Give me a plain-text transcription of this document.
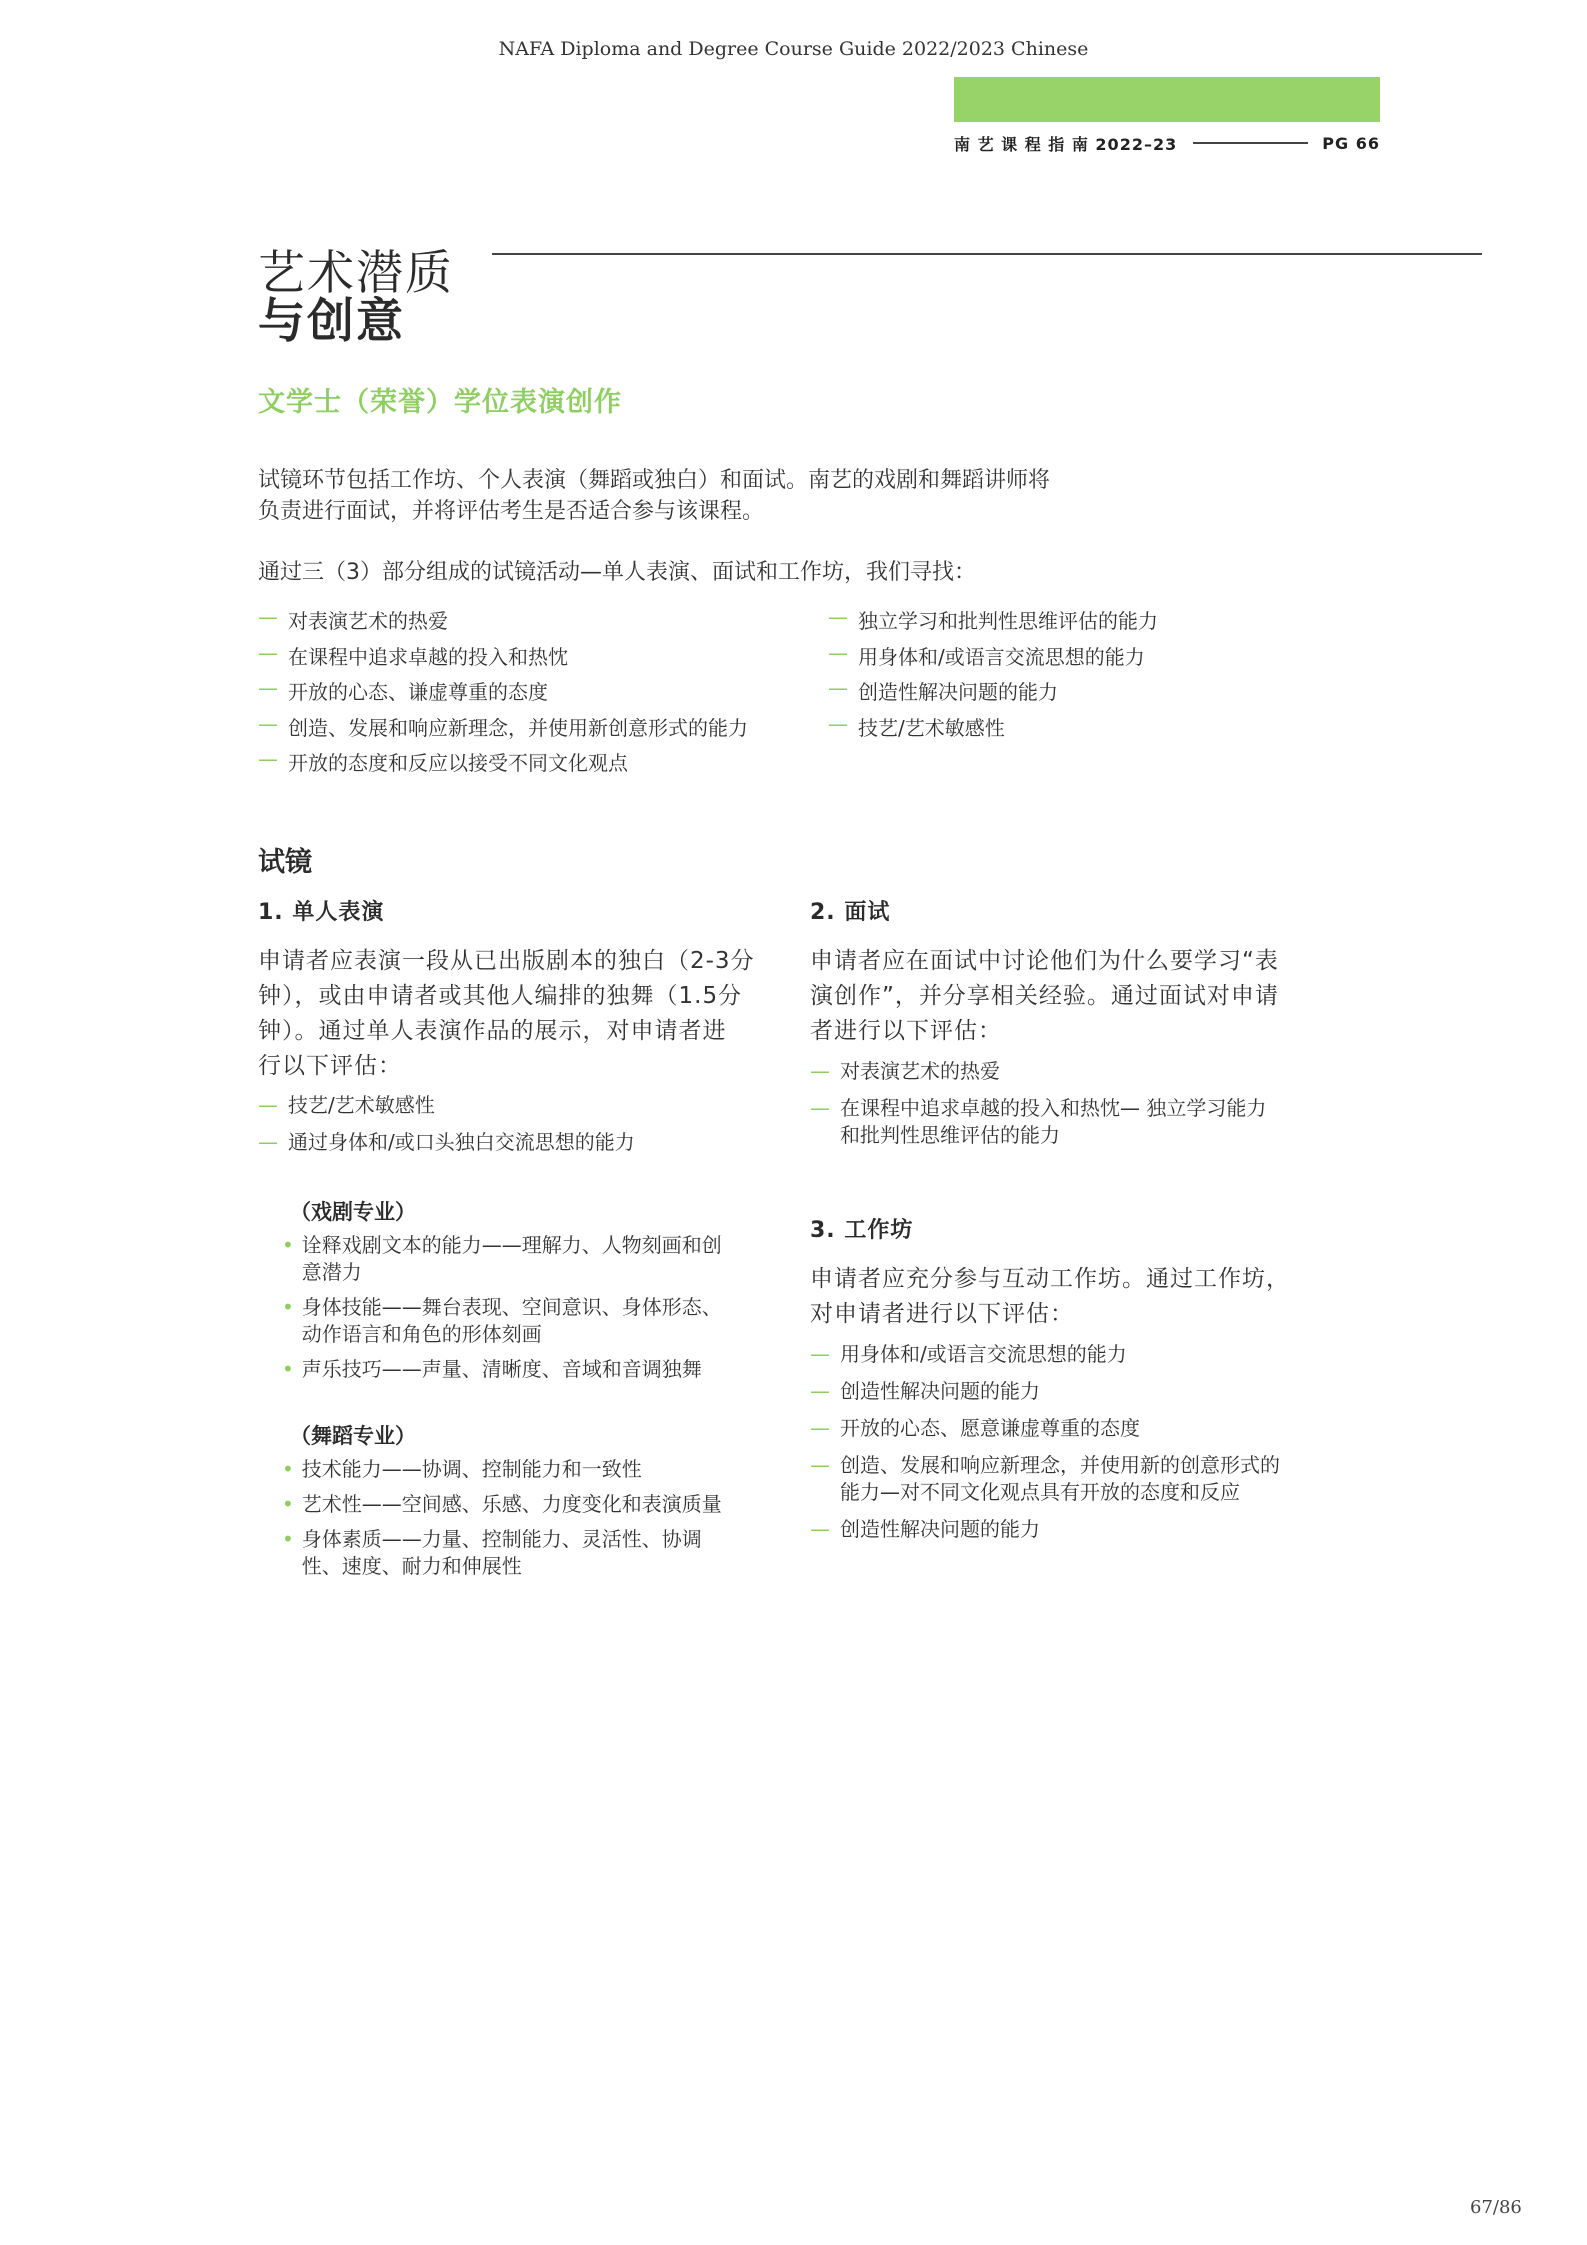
NAFA Diploma and Degree Course Guide 2022/2023 Chinese
南 艺 课 程 指 南 2022–23	PG 66
艺术潜质
与创意
文学士（荣誉）学位表演创作
试镜环节包括工作坊、个人表演（舞蹈或独白）和面试。南艺的戏剧和舞蹈讲师将
负责进行面试，并将评估考生是否适合参与该课程。
通过三（3）部分组成的试镜活动—单人表演、面试和工作坊，我们寻找：
— 对表演艺术的热爱
— 在课程中追求卓越的投入和热忱
— 开放的心态、谦虚尊重的态度
— 创造、发展和响应新理念，并使用新创意形式的能力
— 开放的态度和反应以接受不同文化观点
— 独立学习和批判性思维评估的能力
— 用身体和/或语言交流思想的能力
— 创造性解决问题的能力
— 技艺/艺术敏感性
试镜
1. 单人表演
申请者应表演一段从已出版剧本的独白（2-3分
钟），或由申请者或其他人编排的独舞（1.5分
钟）。通过单人表演作品的展示，对申请者进
行以下评估：
— 技艺/艺术敏感性
— 通过身体和/或口头独白交流思想的能力
（戏剧专业）
• 诠释戏剧文本的能力——理解力、人物刻画和创
意潜力
• 身体技能——舞台表现、空间意识、身体形态、
动作语言和角色的形体刻画
• 声乐技巧——声量、清晰度、音域和音调独舞
（舞蹈专业）
• 技术能力——协调、控制能力和一致性
• 艺术性——空间感、乐感、力度变化和表演质量
• 身体素质——力量、控制能力、灵活性、协调
性、速度、耐力和伸展性
2. 面试
申请者应在面试中讨论他们为什么要学习“表
演创作”，并分享相关经验。通过面试对申请
者进行以下评估：
— 对表演艺术的热爱
— 在课程中追求卓越的投入和热忱— 独立学习能力
和批判性思维评估的能力
3. 工作坊
申请者应充分参与互动工作坊。通过工作坊，
对申请者进行以下评估：
— 用身体和/或语言交流思想的能力
— 创造性解决问题的能力
— 开放的心态、愿意谦虚尊重的态度
— 创造、发展和响应新理念，并使用新的创意形式的
能力—对不同文化观点具有开放的态度和反应
— 创造性解决问题的能力
67/86
